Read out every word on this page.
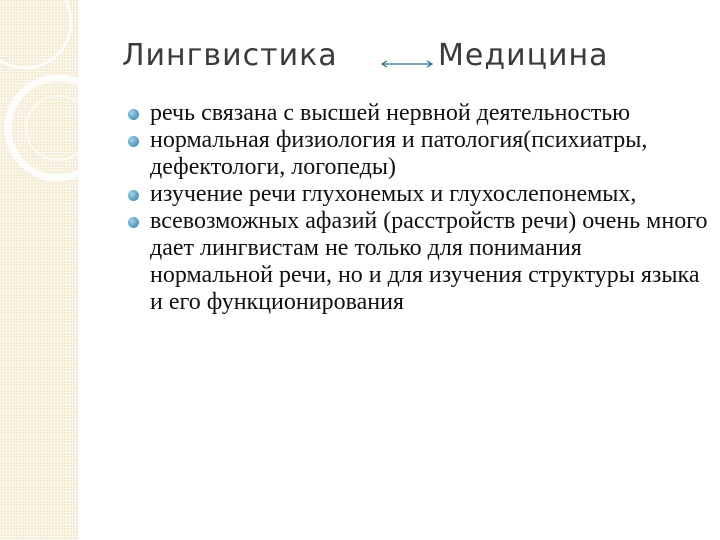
Лингвистика	Медицина
речь связана с высшей нервной деятельностью
нормальная физиология и патология(психиатры, дефектологи, логопеды)
изучение речи глухонемых и глухослепонемых,
всевозможных афазий (расстройств речи) очень много дает лингвистам не только для понимания нормальной речи, но и для изучения структуры языка и его функционирования
